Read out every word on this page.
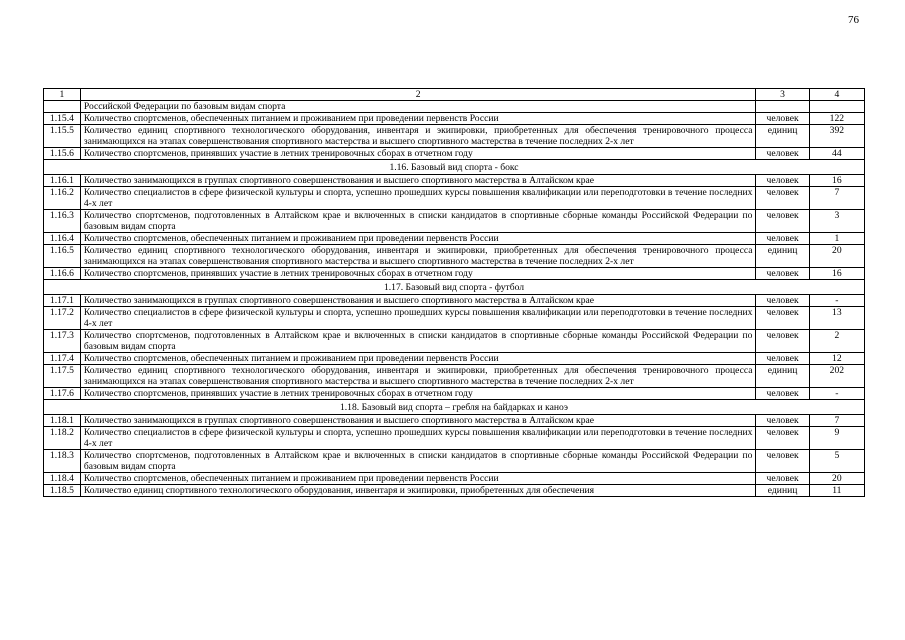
76
1	2	3	4
	Российской Федерации по базовым видам спорта		
1.15.4	Количество спортсменов, обеспеченных питанием и проживанием при проведении первенств России	человек	122
1.15.5	Количество единиц спортивного технологического оборудования, инвентаря и экипировки, приобретенных для обеспечения тренировочного процесса занимающихся на этапах совершенствования спортивного мастерства и высшего спортивного мастерства в течение последних 2-х лет	единиц	392
1.15.6	Количество спортсменов, принявших участие в летних тренировочных сборах в отчетном году	человек	44
1.16. Базовый вид спорта - бокс			
1.16.1	Количество занимающихся в группах спортивного совершенствования и высшего спортивного мастерства в Алтайском крае	человек	16
1.16.2	Количество специалистов в сфере физической культуры и спорта, успешно прошедших курсы повышения квалификации или переподготовки в течение последних 4-х лет	человек	7
1.16.3	Количество спортсменов, подготовленных в Алтайском крае и включенных в списки кандидатов в спортивные сборные команды Российской Федерации по базовым видам спорта	человек	3
1.16.4	Количество спортсменов, обеспеченных питанием и проживанием при проведении первенств России	человек	1
1.16.5	Количество единиц спортивного технологического оборудования, инвентаря и экипировки, приобретенных для обеспечения тренировочного процесса занимающихся на этапах совершенствования спортивного мастерства и высшего спортивного мастерства в течение последних 2-х лет	единиц	20
1.16.6	Количество спортсменов, принявших участие в летних тренировочных сборах в отчетном году	человек	16
1.17. Базовый вид спорта - футбол			
1.17.1	Количество занимающихся в группах спортивного совершенствования и высшего спортивного мастерства в Алтайском крае	человек	-
1.17.2	Количество специалистов в сфере физической культуры и спорта, успешно прошедших курсы повышения квалификации или переподготовки в течение последних 4-х лет	человек	13
1.17.3	Количество спортсменов, подготовленных в Алтайском крае и включенных в списки кандидатов в спортивные сборные команды Российской Федерации по базовым видам спорта	человек	2
1.17.4	Количество спортсменов, обеспеченных питанием и проживанием при проведении первенств России	человек	12
1.17.5	Количество единиц спортивного технологического оборудования, инвентаря и экипировки, приобретенных для обеспечения тренировочного процесса занимающихся на этапах совершенствования спортивного мастерства и высшего спортивного мастерства в течение последних 2-х лет	единиц	202
1.17.6	Количество спортсменов, принявших участие в летних тренировочных сборах в отчетном году	человек	-
1.18. Базовый вид спорта – гребля на байдарках и каноэ			
1.18.1	Количество занимающихся в группах спортивного совершенствования и высшего спортивного мастерства в Алтайском крае	человек	7
1.18.2	Количество специалистов в сфере физической культуры и спорта, успешно прошедших курсы повышения квалификации или переподготовки в течение последних 4-х лет	человек	9
1.18.3	Количество спортсменов, подготовленных в Алтайском крае и включенных в списки кандидатов в спортивные сборные команды Российской Федерации по базовым видам спорта	человек	5
1.18.4	Количество спортсменов, обеспеченных питанием и проживанием при проведении первенств России	человек	20
1.18.5	Количество единиц спортивного технологического оборудования, инвентаря и экипировки, приобретенных для обеспечения	единиц	11
